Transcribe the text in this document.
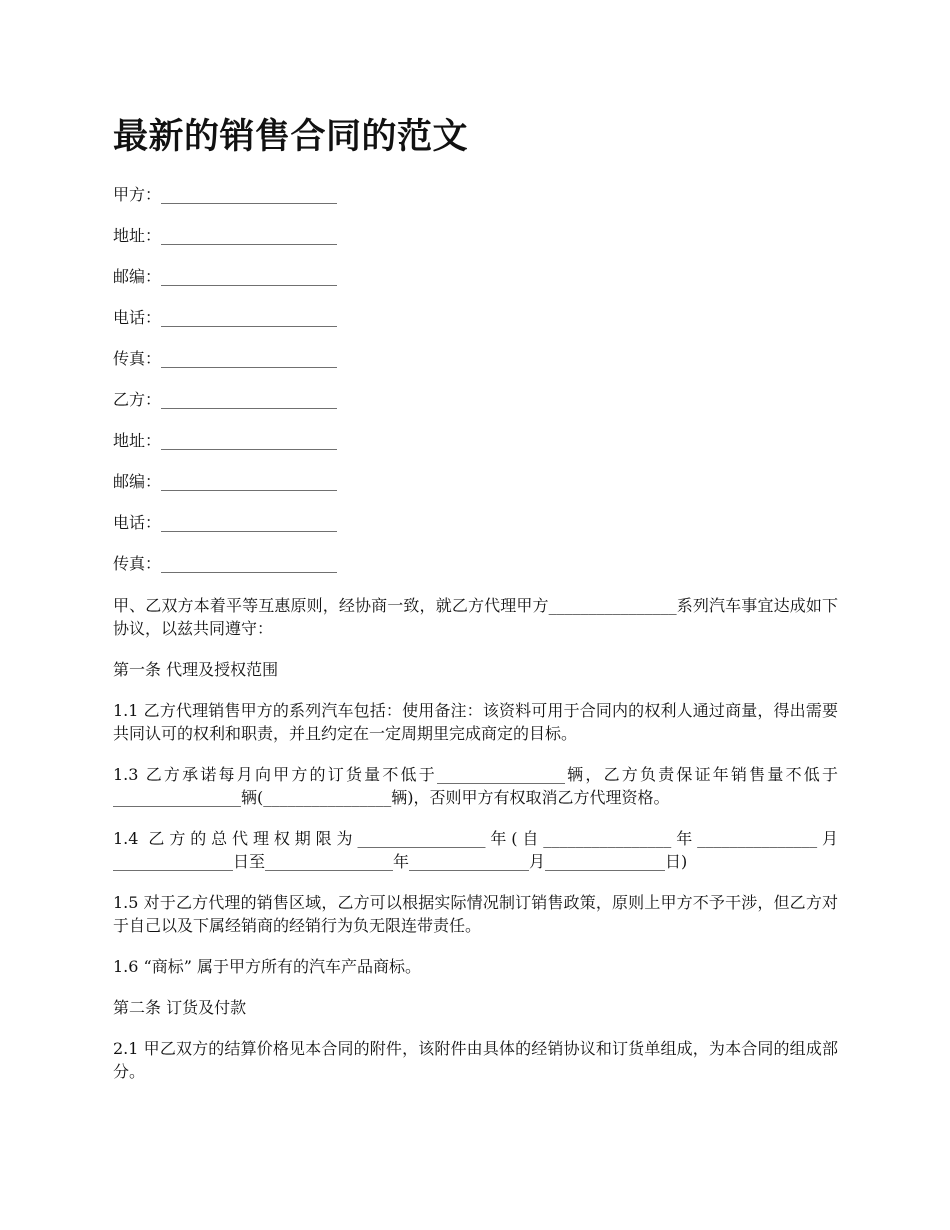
最新的销售合同的范文
甲方：______________________
地址：______________________
邮编：______________________
电话：______________________
传真：______________________
乙方：______________________
地址：______________________
邮编：______________________
电话：______________________
传真：______________________

甲、乙双方本着平等互惠原则，经协商一致，就乙方代理甲方________________系列汽车事宜达成如下协议，以兹共同遵守：

第一条 代理及授权范围

1.1 乙方代理销售甲方的系列汽车包括：使用备注：该资料可用于合同内的权利人通过商量，得出需要共同认可的权利和职责，并且约定在一定周期里完成商定的目标。

1.3 乙方承诺每月向甲方的订货量不低于________________辆，乙方负责保证年销售量不低于________________辆(________________辆)，否则甲方有权取消乙方代理资格。

1.4 乙方的总代理权期限为________________年(自________________年_______________月_______________日至________________年_______________月_______________日)

1.5 对于乙方代理的销售区域，乙方可以根据实际情况制订销售政策，原则上甲方不予干涉，但乙方对于自己以及下属经销商的经销行为负无限连带责任。

1.6 “商标” 属于甲方所有的汽车产品商标。

第二条 订货及付款

2.1 甲乙双方的结算价格见本合同的附件，该附件由具体的经销协议和订货单组成，为本合同的组成部分。
